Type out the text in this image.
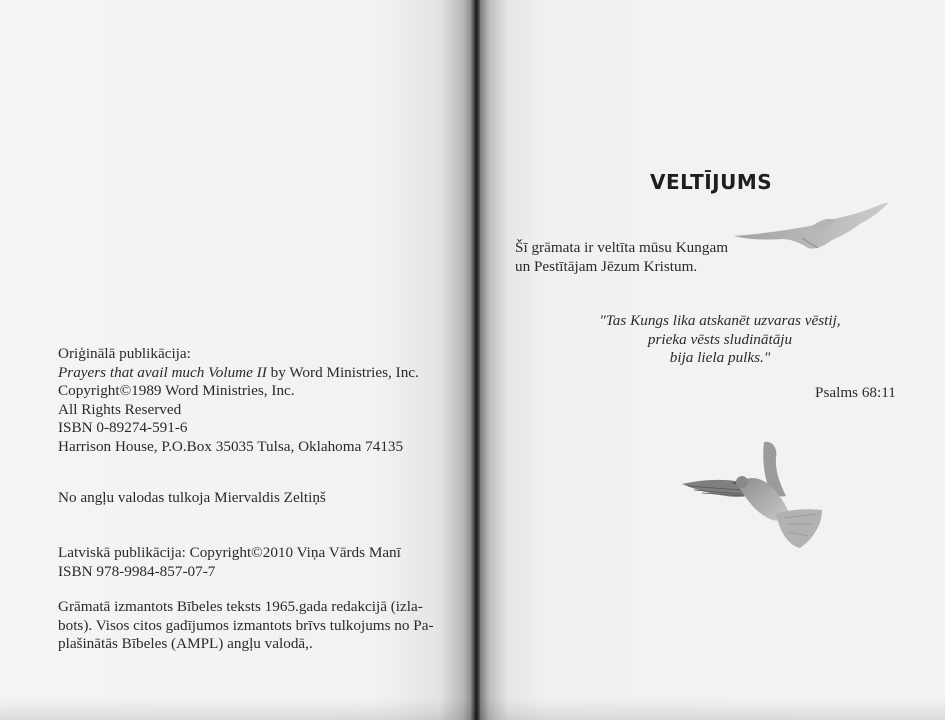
Oriģinālā publikācija:

Prayers that avail much Volume II by Word Ministries, Inc.

Copyright©1989 Word Ministries, Inc.

All Rights Reserved

ISBN 0-89274-591-6

Harrison House, P.O.Box 35035 Tulsa, Oklahoma 74135

No angļu valodas tulkoja Miervaldis Zeltiņš

Latviskā publikācija: Copyright©2010 Viņa Vārds Manī

ISBN 978-9984-857-07-7

Grāmatā izmantots Bībeles teksts 1965.gada redakcijā (izla-

bots). Visos citos gadījumos izmantots brīvs tulkojums no Pa-

plašinātās Bībeles (AMPL) angļu valodā,.

VELTĪJUMS

Šī grāmata ir veltīta mūsu Kungam

un Pestītājam Jēzum Kristum.

"Tas Kungs lika atskanēt uzvaras vēstij,

prieka vēsts sludinātāju

bija liela pulks."

Psalms 68:11
